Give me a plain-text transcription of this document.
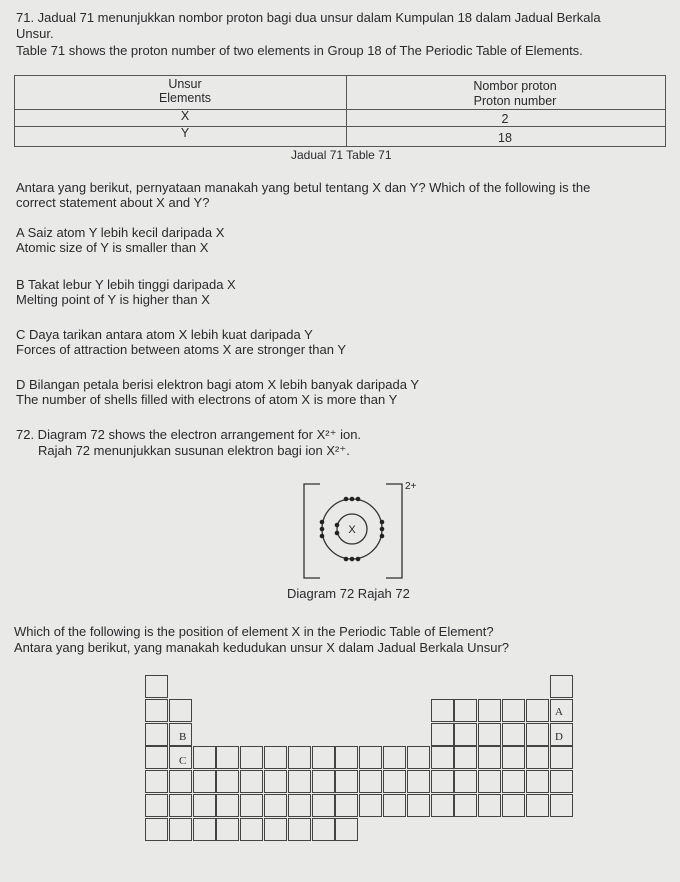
71. Jadual 71 menunjukkan nombor proton bagi dua unsur dalam Kumpulan 18 dalam Jadual Berkala
Unsur.
Table 71 shows the proton number of two elements in Group 18 of The Periodic Table of Elements.
Unsur
Elements
Nombor proton
Proton number
X	2
Y	18
Jadual 71 Table 71
Antara yang berikut, pernyataan manakah yang betul tentang X dan Y? Which of the following is the
correct statement about X and Y?
A Saiz atom Y lebih kecil daripada X
Atomic size of Y is smaller than X
B Takat lebur Y lebih tinggi daripada X
Melting point of Y is higher than X
C Daya tarikan antara atom X lebih kuat daripada Y
Forces of attraction between atoms X are stronger than Y
D Bilangan petala berisi elektron bagi atom X lebih banyak daripada Y
The number of shells filled with electrons of atom X is more than Y
72. Diagram 72 shows the electron arrangement for X²⁺ ion.
Rajah 72 menunjukkan susunan elektron bagi ion X²⁺.
X
2+
Diagram 72 Rajah 72
Which of the following is the position of element X in the Periodic Table of Element?
Antara yang berikut, yang manakah kedudukan unsur X dalam Jadual Berkala Unsur?
A
B
C
D
